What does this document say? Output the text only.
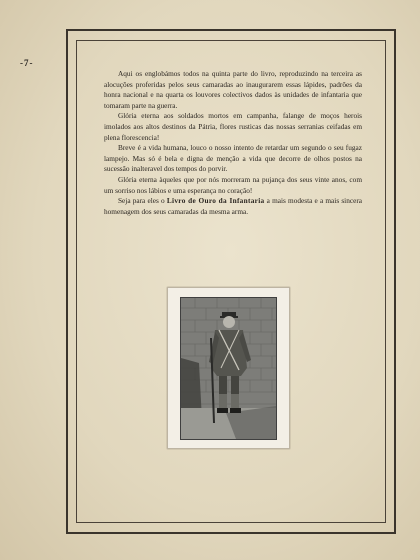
-7-

Aqui os englobámos todos na quinta parte do livro, reproduzindo na terceira as alocuções proferidas pelos seus camaradas ao inaugurarem essas lápides, padrões da honra nacional e na quarta os louvores colectivos dados às unidades de infantaria que tomaram parte na guerra.

Glória eterna aos soldados mortos em campanha, falange de moços herois imolados aos altos destinos da Pátria, flores rusticas das nossas serranias ceifadas em plena florescencia!

Breve é a vida humana, louco o nosso intento de retardar um segundo o seu fugaz lampejo. Mas só é bela e digna de menção a vida que decorre de olhos postos na sucessão inalteravel dos tempos do porvir.

Glória eterna àqueles que por nós morreram na pujança dos seus vinte anos, com um sorriso nos lábios e uma esperança no coração!

Seja para eles o Livro de Ouro da Infantaria a mais modesta e a mais sincera homenagem dos seus camaradas da mesma arma.
